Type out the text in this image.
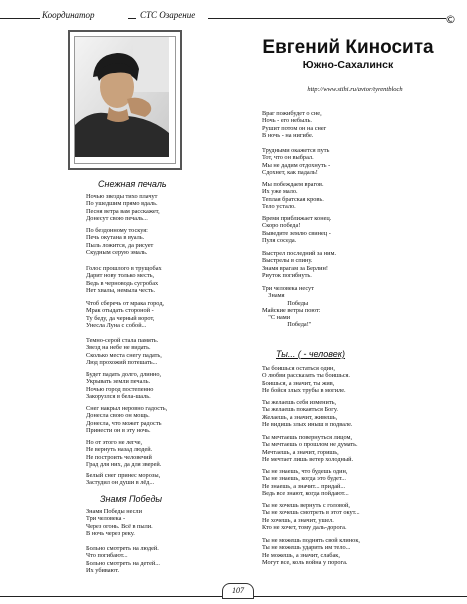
Координатор	СТС Озарение	©
Евгений Киносита
Южно-Сахалинск
http://www.stihi.ru/avtor/tyrentbloch
Снежная печаль
Ночью звезды тихо плачут
По ушедшим прямо вдаль.
Песня ветра вам расскажет,
Донесут свою печаль...
По бездонному тоскуя:
Печь окутана в вуаль.
Пыль ложится, да рисует
Скудным серую эмаль.
Голос прошлого в трущобах
Дарит нову только месть,
Ведь в черноводь сугробах
Нет хвалы, немыла честь.
Чтоб сберечь от мрака город,
Мрак отыдать стороной -
Ту беду, да черный ворот,
Унесла Луна с собой...
Темно-серой стала память.
Звезд на небе не видать.
Сколько места снегу падать,
Люд прохожий потешать...
Будет падать долго, длинно,
Укрывать земли печаль.
Ночью город постепенно
Закорузлся в бела-шаль.
Снег накрыл неровно гадость,
Донесла свою он мощь.
Донесла, что может радость
Принести он в эту ночь.
Но от этого не легче,
Не вернуть назад людей.
Не построить человечий
Град для них, да для зверей.
Белый снег принес морозы,
Застудил он души в лёд...
Знамя Победы
Знамя Победы несли
Три человека -
Через огонь. Всё в пыли.
В ночь через реку.
Больно смотреть на людей.
Что погибают...
Больно смотреть на детей...
Их убивают.
Враг пожибудет о сне,
Ночь - его небыль.
Рушит потом он на снег
В ночь - на нигибе.
Трудными окажется путь
Тот, что он выбрал.
Мы не дадим отдохнуть -
Сдохнет, как падаль!
Мы побеждаем врагов.
Их уже мало.
Теплая братская кровь.
Тело устало.
Время приближает конец.
Скоро победа!
Выведите землю свинец -
Пуля соседа.
Выстрел последний за ним.
Выстрелы в спину.
Знамя врагам за Берлин!
Риуток погибнуть.
Три человека несут
Знамя
Победы
Майские ветры поют:
"С нами
Победа!"
Ты... ( - человек)
Ты боишься остаться один,
О любви рассказать ты боишься.
Боишься, а значит, ты жив,
Не бойся злых трубы в могиле.
Ты желаешь себя изменить,
Ты желаешь покаяться Богу.
Желаешь, а значит, живешь,
Не видишь злых иныш в подвале.
Ты мечтаешь повернуться лицом,
Ты мечтаешь о прошлом не думать.
Мечтаешь, а значит, горишь,
Не мечтает лишь ветер холодный.
Ты не знаешь, что будешь один,
Ты не знаешь, когда это будет...
Не знаешь, а значит... придай...
Ведь все знают, когда пойдают...
Ты не хочешь вернуть с головой,
Ты не хочешь смотреть в этот окут...
Не хочешь, а значит, ушел.
Кто не хочет, тому даль-дорога.
Ты не можешь поднять свой клинок,
Ты не можешь ударить им тело...
Не можешь, а значит, слабак,
Могут все, коль война у порога.
107
